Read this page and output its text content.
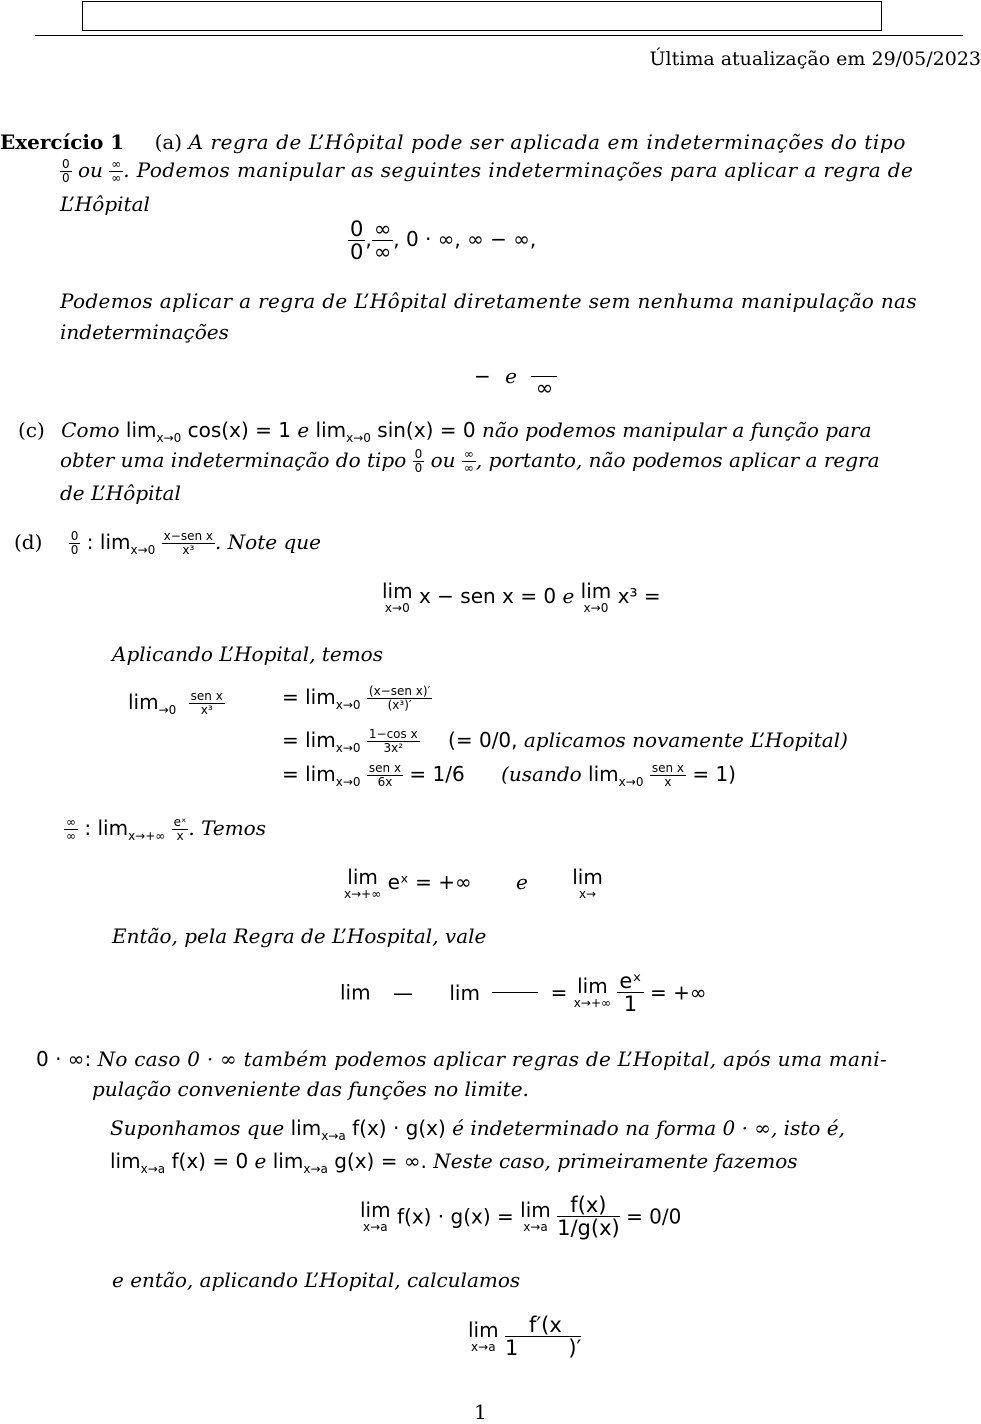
Última atualização em 29/05/2023
Exercício 1 (a) A regra de L’Hôpital pode ser aplicada em indeterminações do tipo
$\frac{0}{0}$ ou $\frac{\infty}{\infty}$ . Podemos manipular as seguintes indeterminações para aplicar a regra de
L’Hôpital
$\frac{0}{0}$ , $\frac{\infty}{\infty}$ , 0 · ∞, ∞ − ∞,
Podemos aplicar a regra de L’Hôpital diretamente sem nenhuma manipulação nas
indeterminações
− e ∞
(c) Como $\lim_{x\to 0} \cos(x) = 1$ e $\lim_{x\to 0} \sin(x) = 0$ não podemos manipular a função para
obter uma indeterminação do tipo $\frac{0}{0}$ ou $\frac{\infty}{\infty}$ , portanto, não podemos aplicar a regra
de L’Hôpital
$(d) \frac{0}{0}$ : $\lim_{x\to 0} \frac{\text{x−sen x}}{\text{x³}}$ . Note que
lim
x→0 x − sen x = 0 e lim
x→0 x³ =
Aplicando L’Hopital, temos
$\lim_{\to 0} \frac{\text{sen x}}{\text{x³}}$	= $\lim_{x\to 0} \frac{\text{(x−sen x)′}}{\text{(x³)′}}$
= $\lim_{x\to 0} \frac{\text{1−cos x}}{\text{3x²}}$ (= 0/0, aplicamos novamente L’Hopital)
= $\lim_{x\to 0} \frac{\text{sen x}}{6x} = 1/6$ (usando $\lim_{x\to 0} \frac{\text{sen x}}{x} = 1$)
$\frac{\infty}{\infty}$ : $\lim_{x\to+\infty} \frac{\text{eˣ}}{x}$ . Temos
lim
x→+∞ eˣ = +∞ e lim
x→
Então, pela Regra de L’Hospital, vale
lim — lim	= lim
x→+∞
$\frac{\text{eˣ}}{1}$ = +∞
0 · ∞: No caso 0 · ∞ também podemos aplicar regras de L’Hopital, após uma mani-
pulação conveniente das funções no limite.
Suponhamos que $\lim_{x\to a} f(x) \cdot g(x)$ é indeterminado na forma 0 · ∞, isto é,
$\lim_{x\to a} f(x) = 0$ e $\lim_{x\to a} g(x)$ = ∞. Neste caso, primeiramente fazemos
lim
x→a f(x) · g(x) = lim
x→a
$\frac{f(x)}{1/g(x)} = 0/0$
e então, aplicando L’Hopital, calculamos
lim
x→a
$\frac{f'(x}{1 )'}$
1
